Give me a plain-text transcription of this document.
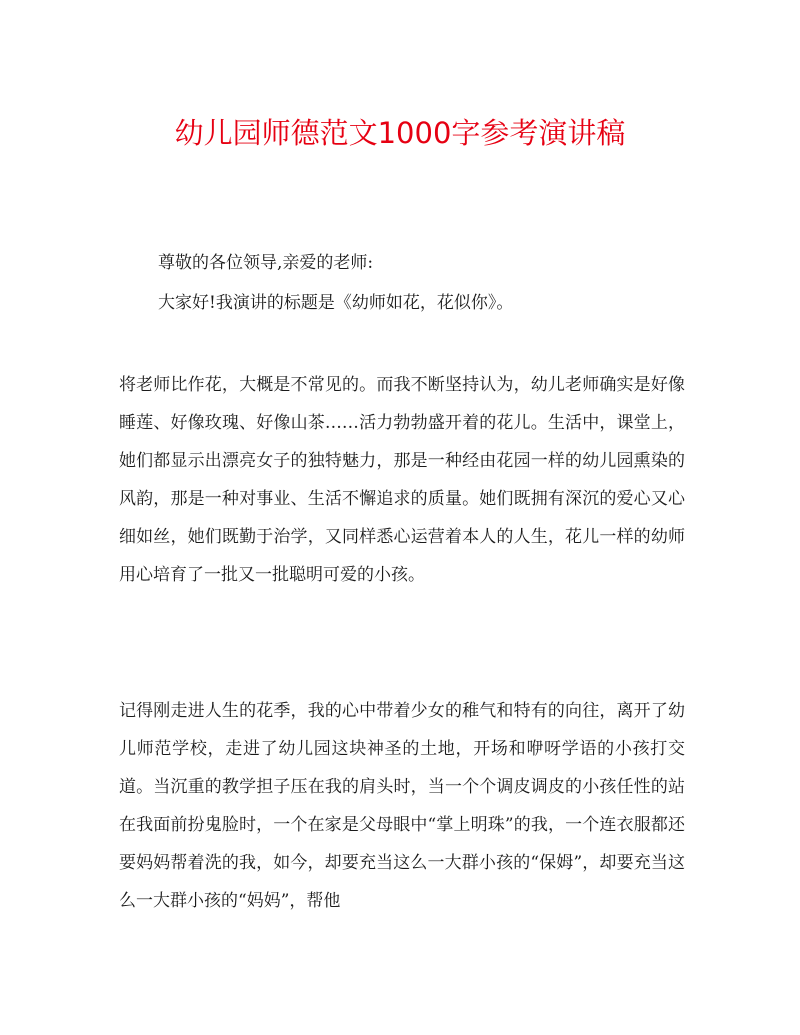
幼儿园师德范文1000字参考演讲稿

尊敬的各位领导,亲爱的老师:

大家好!我演讲的标题是《幼师如花，花似你》。

将老师比作花，大概是不常见的。而我不断坚持认为，幼儿老师确实是好像睡莲、好像玫瑰、好像山茶……活力勃勃盛开着的花儿。生活中，课堂上，她们都显示出漂亮女子的独特魅力，那是一种经由花园一样的幼儿园熏染的风韵，那是一种对事业、生活不懈追求的质量。她们既拥有深沉的爱心又心细如丝，她们既勤于治学，又同样悉心运营着本人的人生，花儿一样的幼师用心培育了一批又一批聪明可爱的小孩。

记得刚走进人生的花季，我的心中带着少女的稚气和特有的向往，离开了幼儿师范学校，走进了幼儿园这块神圣的土地，开场和咿呀学语的小孩打交道。当沉重的教学担子压在我的肩头时，当一个个调皮调皮的小孩任性的站在我面前扮鬼脸时，一个在家是父母眼中“掌上明珠”的我，一个连衣服都还要妈妈帮着洗的我，如今，却要充当这么一大群小孩的“保姆”，却要充当这么一大群小孩的“妈妈”，帮他
